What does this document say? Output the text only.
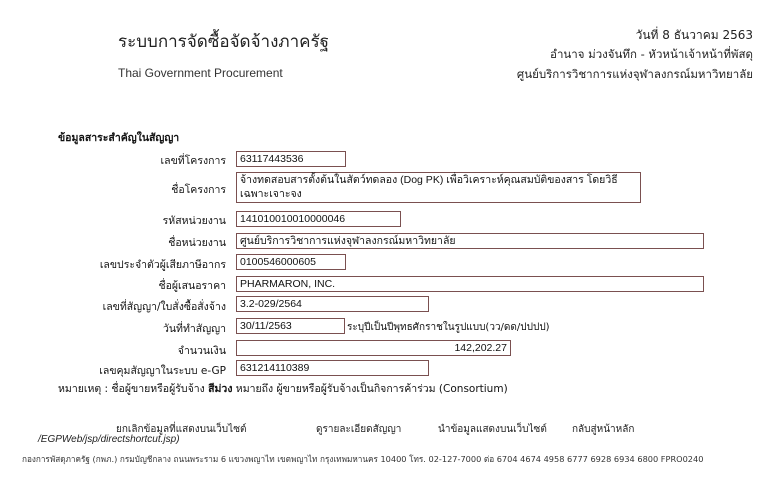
ระบบการจัดซื้อจัดจ้างภาครัฐ
Thai Government Procurement
วันที่ 8 ธันวาคม 2563
อำนาจ ม่วงจันทึก - หัวหน้าเจ้าหน้าที่พัสดุ
ศูนย์บริการวิชาการแห่งจุฬาลงกรณ์มหาวิทยาลัย
ข้อมูลสาระสำคัญในสัญญา
เลขที่โครงการ	63117443536
ชื่อโครงการ
จ้างทดสอบสารตั้งต้นในสัตว์ทดลอง (Dog PK) เพื่อวิเคราะห์คุณสมบัติของสาร โดยวิธี
เฉพาะเจาะจง
รหัสหน่วยงาน	141010010010000046
ชื่อหน่วยงาน	ศูนย์บริการวิชาการแห่งจุฬาลงกรณ์มหาวิทยาลัย
เลขประจำตัวผู้เสียภาษีอากร	0100546000605
ชื่อผู้เสนอราคา	PHARMARON, INC.
เลขที่สัญญา/ใบสั่งซื้อสั่งจ้าง	3.2-029/2564
วันที่ทำสัญญา	30/11/2563	ระบุปีเป็นปีพุทธศักราชในรูปแบบ(วว/ดด/ปปปป)
จำนวนเงิน	142,202.27
เลขคุมสัญญาในระบบ e-GP	631214110389
หมายเหตุ : ชื่อผู้ขายหรือผู้รับจ้าง สีม่วง หมายถึง ผู้ขายหรือผู้รับจ้างเป็นกิจการค้าร่วม (Consortium)
ยกเลิกข้อมูลที่แสดงบนเว็บไซต์	ดูรายละเอียดสัญญา	นำข้อมูลแสดงบนเว็บไซต์	กลับสู่หน้าหลัก
/EGPWeb/jsp/directshortcut.jsp)
กองการพัสดุภาครัฐ (กพภ.) กรมบัญชีกลาง ถนนพระราม 6 แขวงพญาไท เขตพญาไท กรุงเทพมหานคร 10400 โทร. 02-127-7000 ต่อ 6704 4674 4958 6777 6928 6934 6800 FPRO0240
